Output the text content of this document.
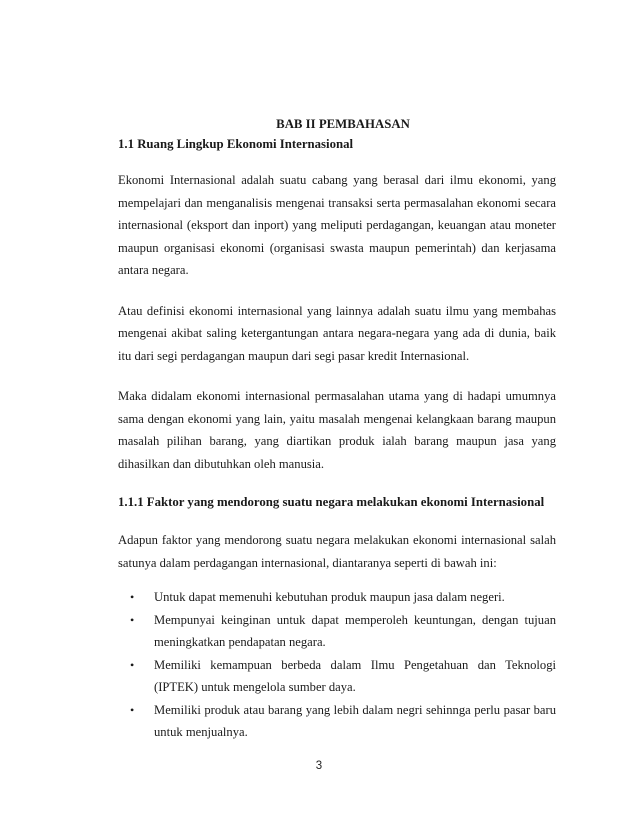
BAB II PEMBAHASAN
1.1 Ruang Lingkup Ekonomi Internasional

Ekonomi Internasional adalah suatu cabang yang berasal dari ilmu ekonomi, yang mempelajari dan menganalisis mengenai transaksi serta permasalahan ekonomi secara internasional (eksport dan inport) yang meliputi perdagangan, keuangan atau moneter maupun organisasi ekonomi (organisasi swasta maupun pemerintah) dan kerjasama antara negara.

Atau definisi ekonomi internasional yang lainnya adalah suatu ilmu yang membahas mengenai akibat saling ketergantungan antara negara-negara yang ada di dunia, baik itu dari segi perdagangan maupun dari segi pasar kredit Internasional.

Maka didalam ekonomi internasional permasalahan utama yang di hadapi umumnya sama dengan ekonomi yang lain, yaitu masalah mengenai kelangkaan barang maupun masalah pilihan barang, yang diartikan produk ialah barang maupun jasa yang dihasilkan dan dibutuhkan oleh manusia.

1.1.1 Faktor yang mendorong suatu negara melakukan ekonomi Internasional

Adapun faktor yang mendorong suatu negara melakukan ekonomi internasional salah satunya dalam perdagangan internasional, diantaranya seperti di bawah ini:

• Untuk dapat memenuhi kebutuhan produk maupun jasa dalam negeri.
• Mempunyai keinginan untuk dapat memperoleh keuntungan, dengan tujuan meningkatkan pendapatan negara.
• Memiliki kemampuan berbeda dalam Ilmu Pengetahuan dan Teknologi (IPTEK) untuk mengelola sumber daya.
• Memiliki produk atau barang yang lebih dalam negri sehinnga perlu pasar baru untuk menjualnya.
3
